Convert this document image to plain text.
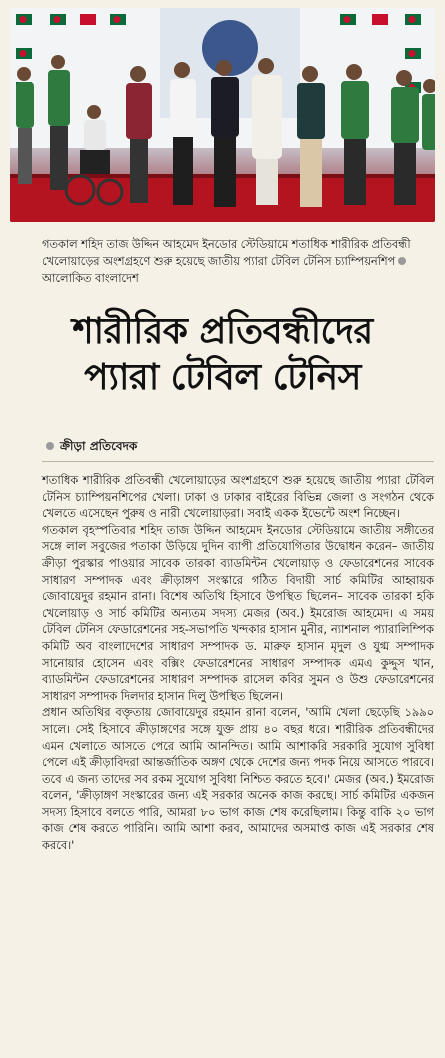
গতকাল শহিদ তাজ উদ্দিন আহমেদ ইনডোর স্টেডিয়ামে শতাধিক শারীরিক প্রতিবন্ধী খেলোয়াড়ের অংশগ্রহণে শুরু হয়েছে জাতীয় প্যারা টেবিল টেনিস চ্যাম্পিয়নশিপআলোকিত বাংলাদেশ
শারীরিক প্রতিবন্ধীদের
প্যারা টেবিল টেনিস
ক্রীড়া প্রতিবেদক

শতাধিক শারীরিক প্রতিবন্ধী খেলোয়াড়ের অংশগ্রহণে শুরু হয়েছে জাতীয় প্যারা টেবিল টেনিস চ্যাম্পিয়নশিপের খেলা। ঢাকা ও ঢাকার বাইরের বিভিন্ন জেলা ও সংগঠন থেকে খেলতে এসেছেন পুরুষ ও নারী খেলোয়াড়রা। সবাই একক ইভেন্টে অংশ নিচ্ছেন।

গতকাল বৃহস্পতিবার শহিদ তাজ উদ্দিন আহমেদ ইনডোর স্টেডিয়ামে জাতীয় সঙ্গীতের সঙ্গে লাল সবুজের পতাকা উড়িয়ে দুদিন ব্যাপী প্রতিযোগিতার উদ্বোধন করেন– জাতীয় ক্রীড়া পুরস্কার পাওয়ার সাবেক তারকা ব্যাডমিন্টন খেলোয়াড় ও ফেডারেশনের সাবেক সাধারণ সম্পাদক এবং ক্রীড়াঙ্গণ সংস্কারে গঠিত বিদায়ী সার্চ কমিটির আহ্বায়ক জোবায়েদুর রহমান রানা। বিশেষ অতিথি হিসাবে উপস্থিত ছিলেন– সাবেক তারকা হকি খেলোয়াড় ও সার্চ কমিটির অন্যতম সদস্য মেজর (অব.) ইমরোজ আহমেদ। এ সময় টেবিল টেনিস ফেডারেশনের সহ-সভাপতি খন্দকার হাসান মুনীর, ন্যাশনাল প্যারালিম্পিক কমিটি অব বাংলাদেশের সাধারণ সম্পাদক ড. মারুফ হাসান মৃদুল ও যুগ্ম সম্পাদক সানোয়ার হোসেন এবং বক্সিং ফেডারেশনের সাধারণ সম্পাদক এমএ কুদ্দুস খান, ব্যাডমিন্টন ফেডারেশনের সাধারণ সম্পাদক রাসেল কবির সুমন ও উশু ফেডারেশনের সাধারণ সম্পাদক দিলদার হাসান দিলু উপস্থিত ছিলেন।

প্রধান অতিথির বক্তৃতায় জোবায়েদুর রহমান রানা বলেন, 'আমি খেলা ছেড়েছি ১৯৯০ সালে। সেই হিসাবে ক্রীড়াঙ্গণের সঙ্গে যুক্ত প্রায় ৪০ বছর ধরে। শারীরিক প্রতিবন্ধীদের এমন খেলাতে আসতে পেরে আমি আনন্দিত। আমি আশাকরি সরকারি সুযোগ সুবিধা পেলে এই ক্রীড়াবিদরা আন্তর্জাতিক অঙ্গণ থেকে দেশের জন্য পদক নিয়ে আসতে পারবে। তবে এ জন্য তাদের সব রকম সুযোগ সুবিধা নিশ্চিত করতে হবে।' মেজর (অব.) ইমরোজ বলেন, 'ক্রীড়াঙ্গণ সংস্কারের জন্য এই সরকার অনেক কাজ করছে। সার্চ কমিটির একজন সদস্য হিসাবে বলতে পারি, আমরা ৮০ ভাগ কাজ শেষ করেছিলাম। কিন্তু বাকি ২০ ভাগ কাজ শেষ করতে পারিনি। আমি আশা করব, আমাদের অসমাপ্ত কাজ এই সরকার শেষ করবে।'
